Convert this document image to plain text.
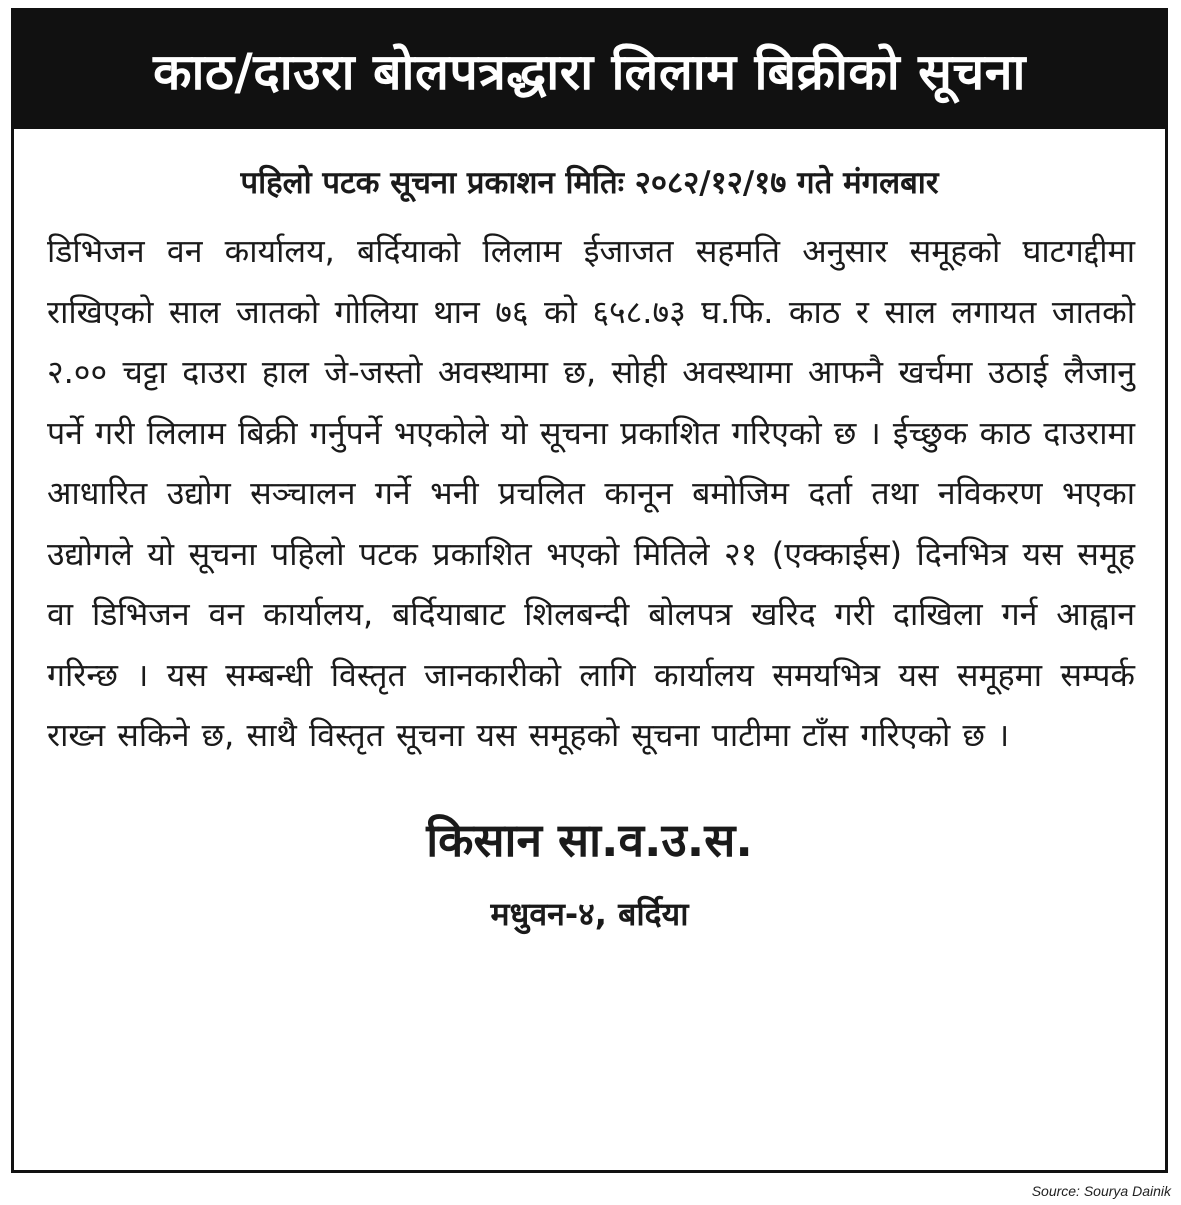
काठ/दाउरा बोलपत्रद्धारा लिलाम बिक्रीको सूचना
पहिलो पटक सूचना प्रकाशन मितिः २०८२/१२/१७ गते मंगलबार
डिभिजन वन कार्यालय, बर्दियाको लिलाम ईजाजत सहमति अनुसार समूहको घाटगद्दीमा राखिएको साल जातको गोलिया थान ७६ को ६५८.७३ घ.फि. काठ र साल लगायत जातको २.०० चट्टा दाउरा हाल जे-जस्तो अवस्थामा छ, सोही अवस्थामा आफनै खर्चमा उठाई लैजानु पर्ने गरी लिलाम बिक्री गर्नुपर्ने भएकोले यो सूचना प्रकाशित गरिएको छ । ईच्छुक काठ दाउरामा आधारित उद्योग सञ्चालन गर्ने भनी प्रचलित कानून बमोजिम दर्ता तथा नविकरण भएका उद्योगले यो सूचना पहिलो पटक प्रकाशित भएको मितिले २१ (एक्काईस) दिनभित्र यस समूह वा डिभिजन वन कार्यालय, बर्दियाबाट शिलबन्दी बोलपत्र खरिद गरी दाखिला गर्न आह्वान गरिन्छ । यस सम्बन्धी विस्तृत जानकारीको लागि कार्यालय समयभित्र यस समूहमा सम्पर्क राख्न सकिने छ, साथै विस्तृत सूचना यस समूहको सूचना पाटीमा टाँस गरिएको छ ।
किसान सा.व.उ.स.
मधुवन-४, बर्दिया
Source: Sourya Dainik
